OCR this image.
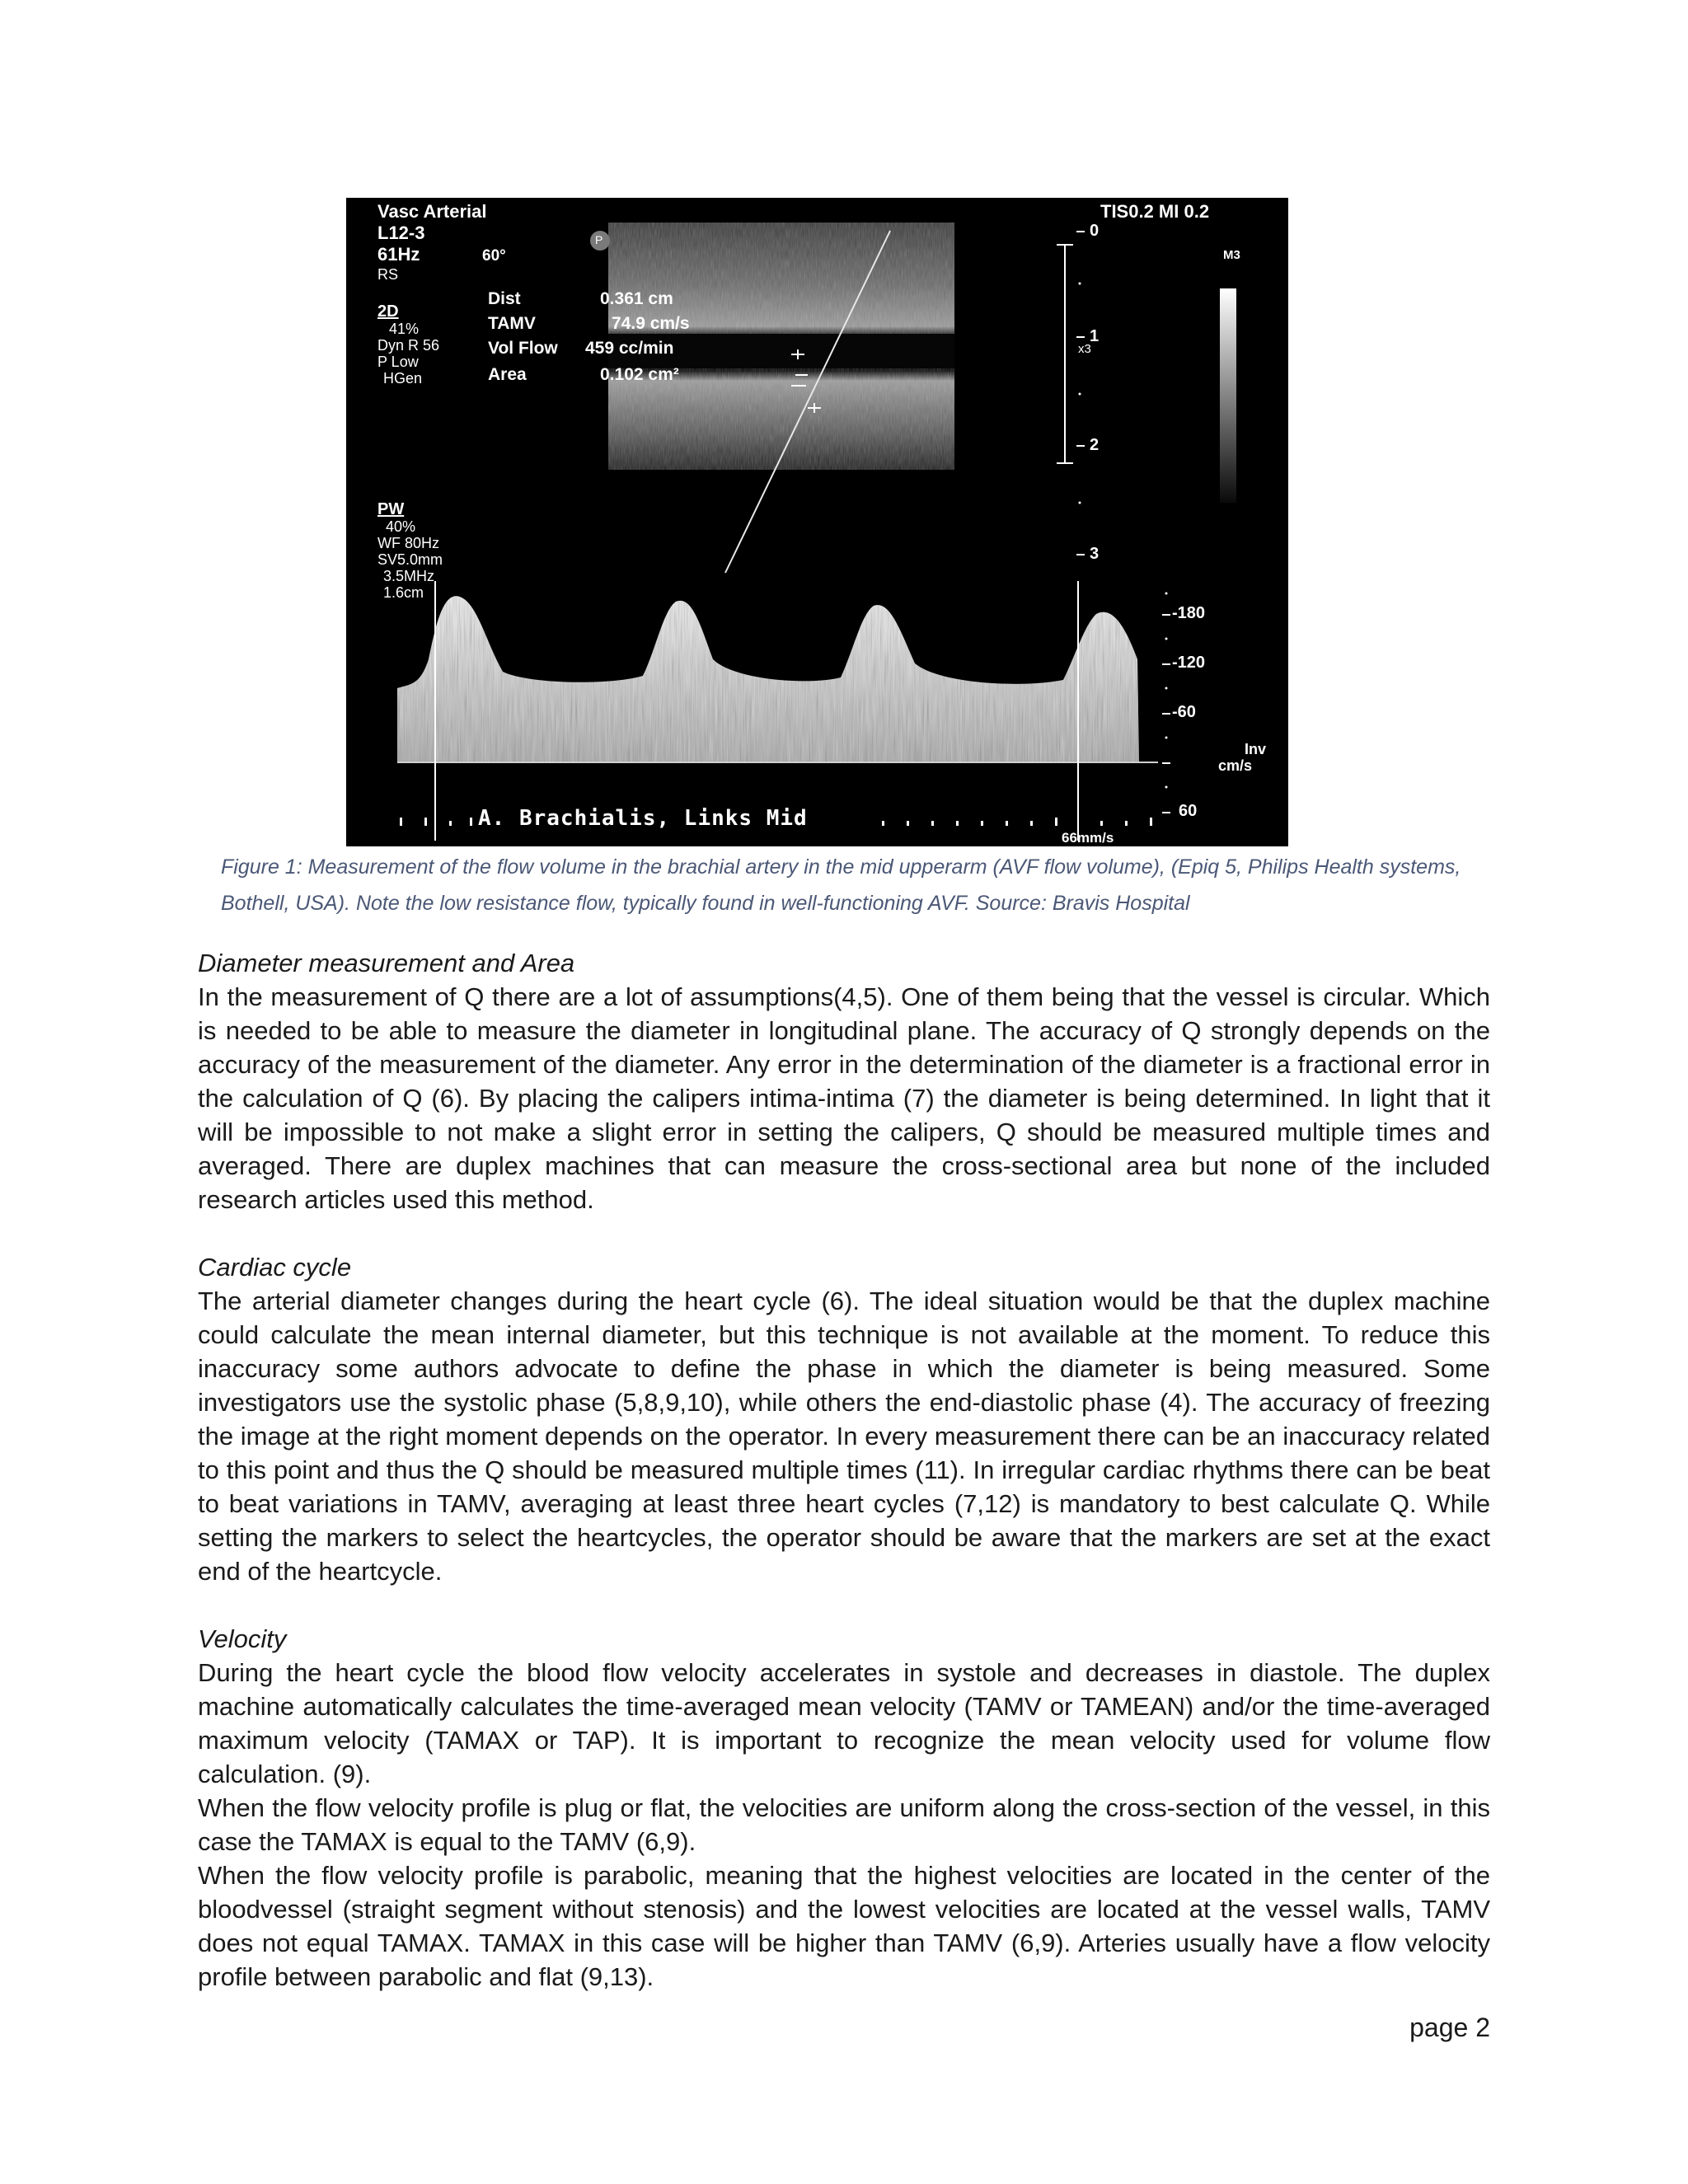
Vasc Arterial
L12-3
61Hz	60°
RS
P
2D
41%
Dyn R 56
P Low
HGen
Dist	0.361 cm
TAMV	74.9 cm/s
Vol Flow 459 cc/min
Area	0.102 cm²
TIS0.2 MI 0.2
M3
x3
0
1
2
3
PW
40%
WF 80Hz
SV5.0mm
3.5MHz
1.6cm
-180
-120
-60
Inv
cm/s
60
A. Brachialis, Links Mid
66mm/s
Figure 1: Measurement of the flow volume in the brachial artery in the mid upperarm (AVF flow volume), (Epiq 5, Philips Health systems, Bothell, USA). Note the low resistance flow, typically found in well-functioning AVF. Source: Bravis Hospital
Diameter measurement and Area

In the measurement of Q there are a lot of assumptions(4,5). One of them being that the vessel is circular. Which is needed to be able to measure the diameter in longitudinal plane. The accuracy of Q strongly depends on the accuracy of the measurement of the diameter. Any error in the determination of the diameter is a fractional error in the calculation of Q (6). By placing the calipers intima-intima (7) the diameter is being determined. In light that it will be impossible to not make a slight error in setting the calipers, Q should be measured multiple times and averaged. There are duplex machines that can measure the cross-sectional area but none of the included research articles used this method.

Cardiac cycle

The arterial diameter changes during the heart cycle (6). The ideal situation would be that the duplex machine could calculate the mean internal diameter, but this technique is not available at the moment. To reduce this inaccuracy some authors advocate to define the phase in which the diameter is being measured. Some investigators use the systolic phase (5,8,9,10), while others the end-diastolic phase (4). The accuracy of freezing the image at the right moment depends on the operator. In every measurement there can be an inaccuracy related to this point and thus the Q should be measured multiple times (11). In irregular cardiac rhythms there can be beat to beat variations in TAMV, averaging at least three heart cycles (7,12) is mandatory to best calculate Q. While setting the markers to select the heartcycles, the operator should be aware that the markers are set at the exact end of the heartcycle.

Velocity

During the heart cycle the blood flow velocity accelerates in systole and decreases in diastole. The duplex machine automatically calculates the time-averaged mean velocity (TAMV or TAMEAN) and/or the time-averaged maximum velocity (TAMAX or TAP). It is important to recognize the mean velocity used for volume flow calculation. (9).

When the flow velocity profile is plug or flat, the velocities are uniform along the cross-section of the vessel, in this case the TAMAX is equal to the TAMV (6,9).

When the flow velocity profile is parabolic, meaning that the highest velocities are located in the center of the bloodvessel (straight segment without stenosis) and the lowest velocities are located at the vessel walls, TAMV does not equal TAMAX. TAMAX in this case will be higher than TAMV (6,9). Arteries usually have a flow velocity profile between parabolic and flat (9,13).

page 2
